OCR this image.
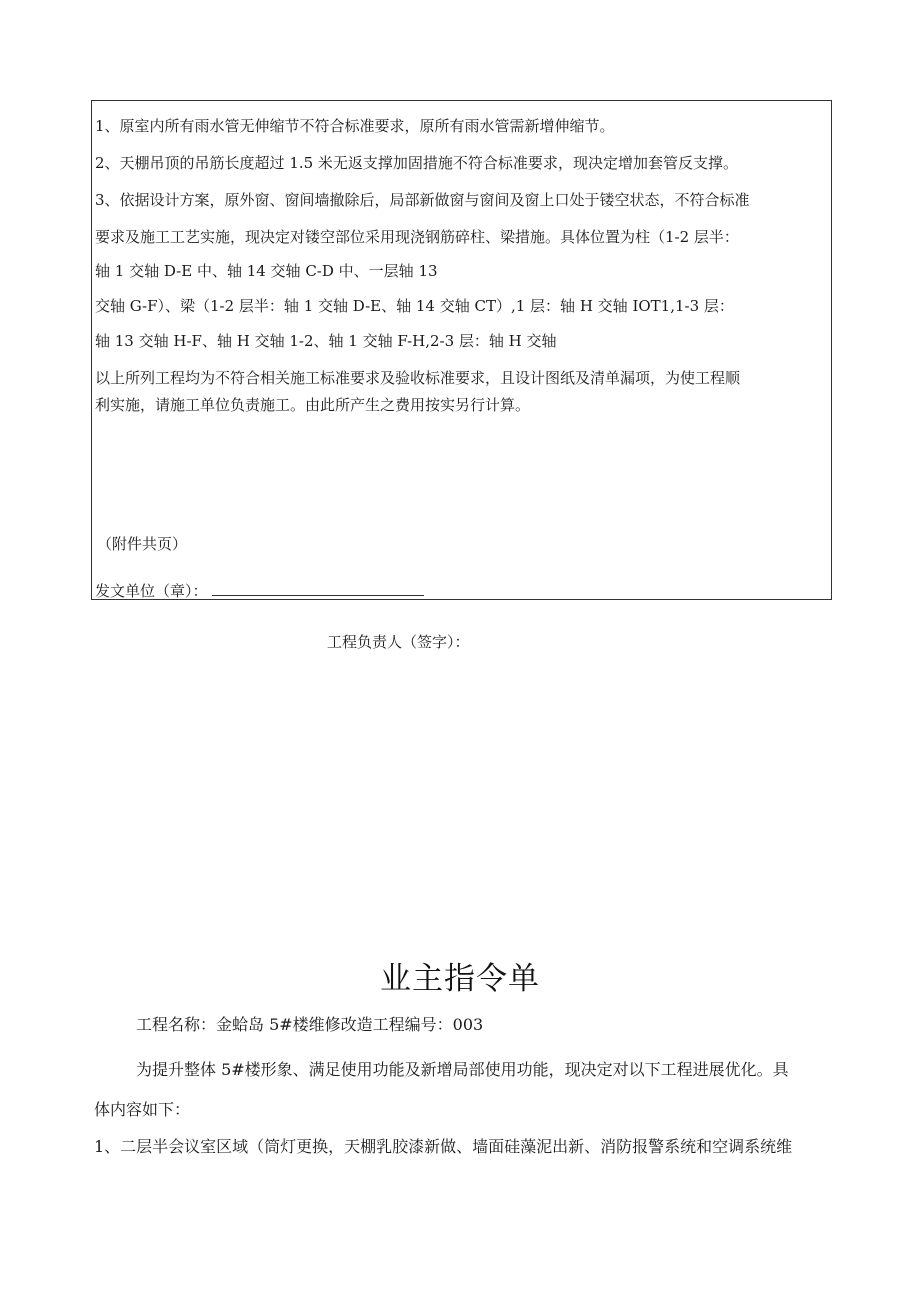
1、原室内所有雨水管无伸缩节不符合标准要求，原所有雨水管需新增伸缩节。
2、天棚吊顶的吊筋长度超过 1.5 米无返支撑加固措施不符合标准要求，现决定增加套管反支撑。
3、依据设计方案，原外窗、窗间墙撤除后，局部新做窗与窗间及窗上口处于镂空状态，不符合标准
要求及施工工艺实施，现决定对镂空部位采用现浇钢筋碎柱、梁措施。具体位置为柱（1-2 层半：
轴 1 交轴 D-E 中、轴 14 交轴 C-D 中、一层轴 13
交轴 G-F）、梁（1-2 层半：轴 1 交轴 D-E、轴 14 交轴 CT）,1 层：轴 H 交轴 IOT1,1-3 层：
轴 13 交轴 H-F、轴 H 交轴 1-2、轴 1 交轴 F-H,2-3 层：轴 H 交轴
以上所列工程均为不符合相关施工标准要求及验收标准要求，且设计图纸及清单漏项，为使工程顺
利实施，请施工单位负责施工。由此所产生之费用按实另行计算。
（附件共页）
发文单位（章）：
工程负责人（签字）：
业主指令单
工程名称：金蛤岛 5#楼维修改造工程编号：003
为提升整体 5#楼形象、满足使用功能及新增局部使用功能，现决定对以下工程进展优化。具
体内容如下：
1、二层半会议室区域（筒灯更换，天棚乳胶漆新做、墙面硅藻泥出新、消防报警系统和空调系统维
